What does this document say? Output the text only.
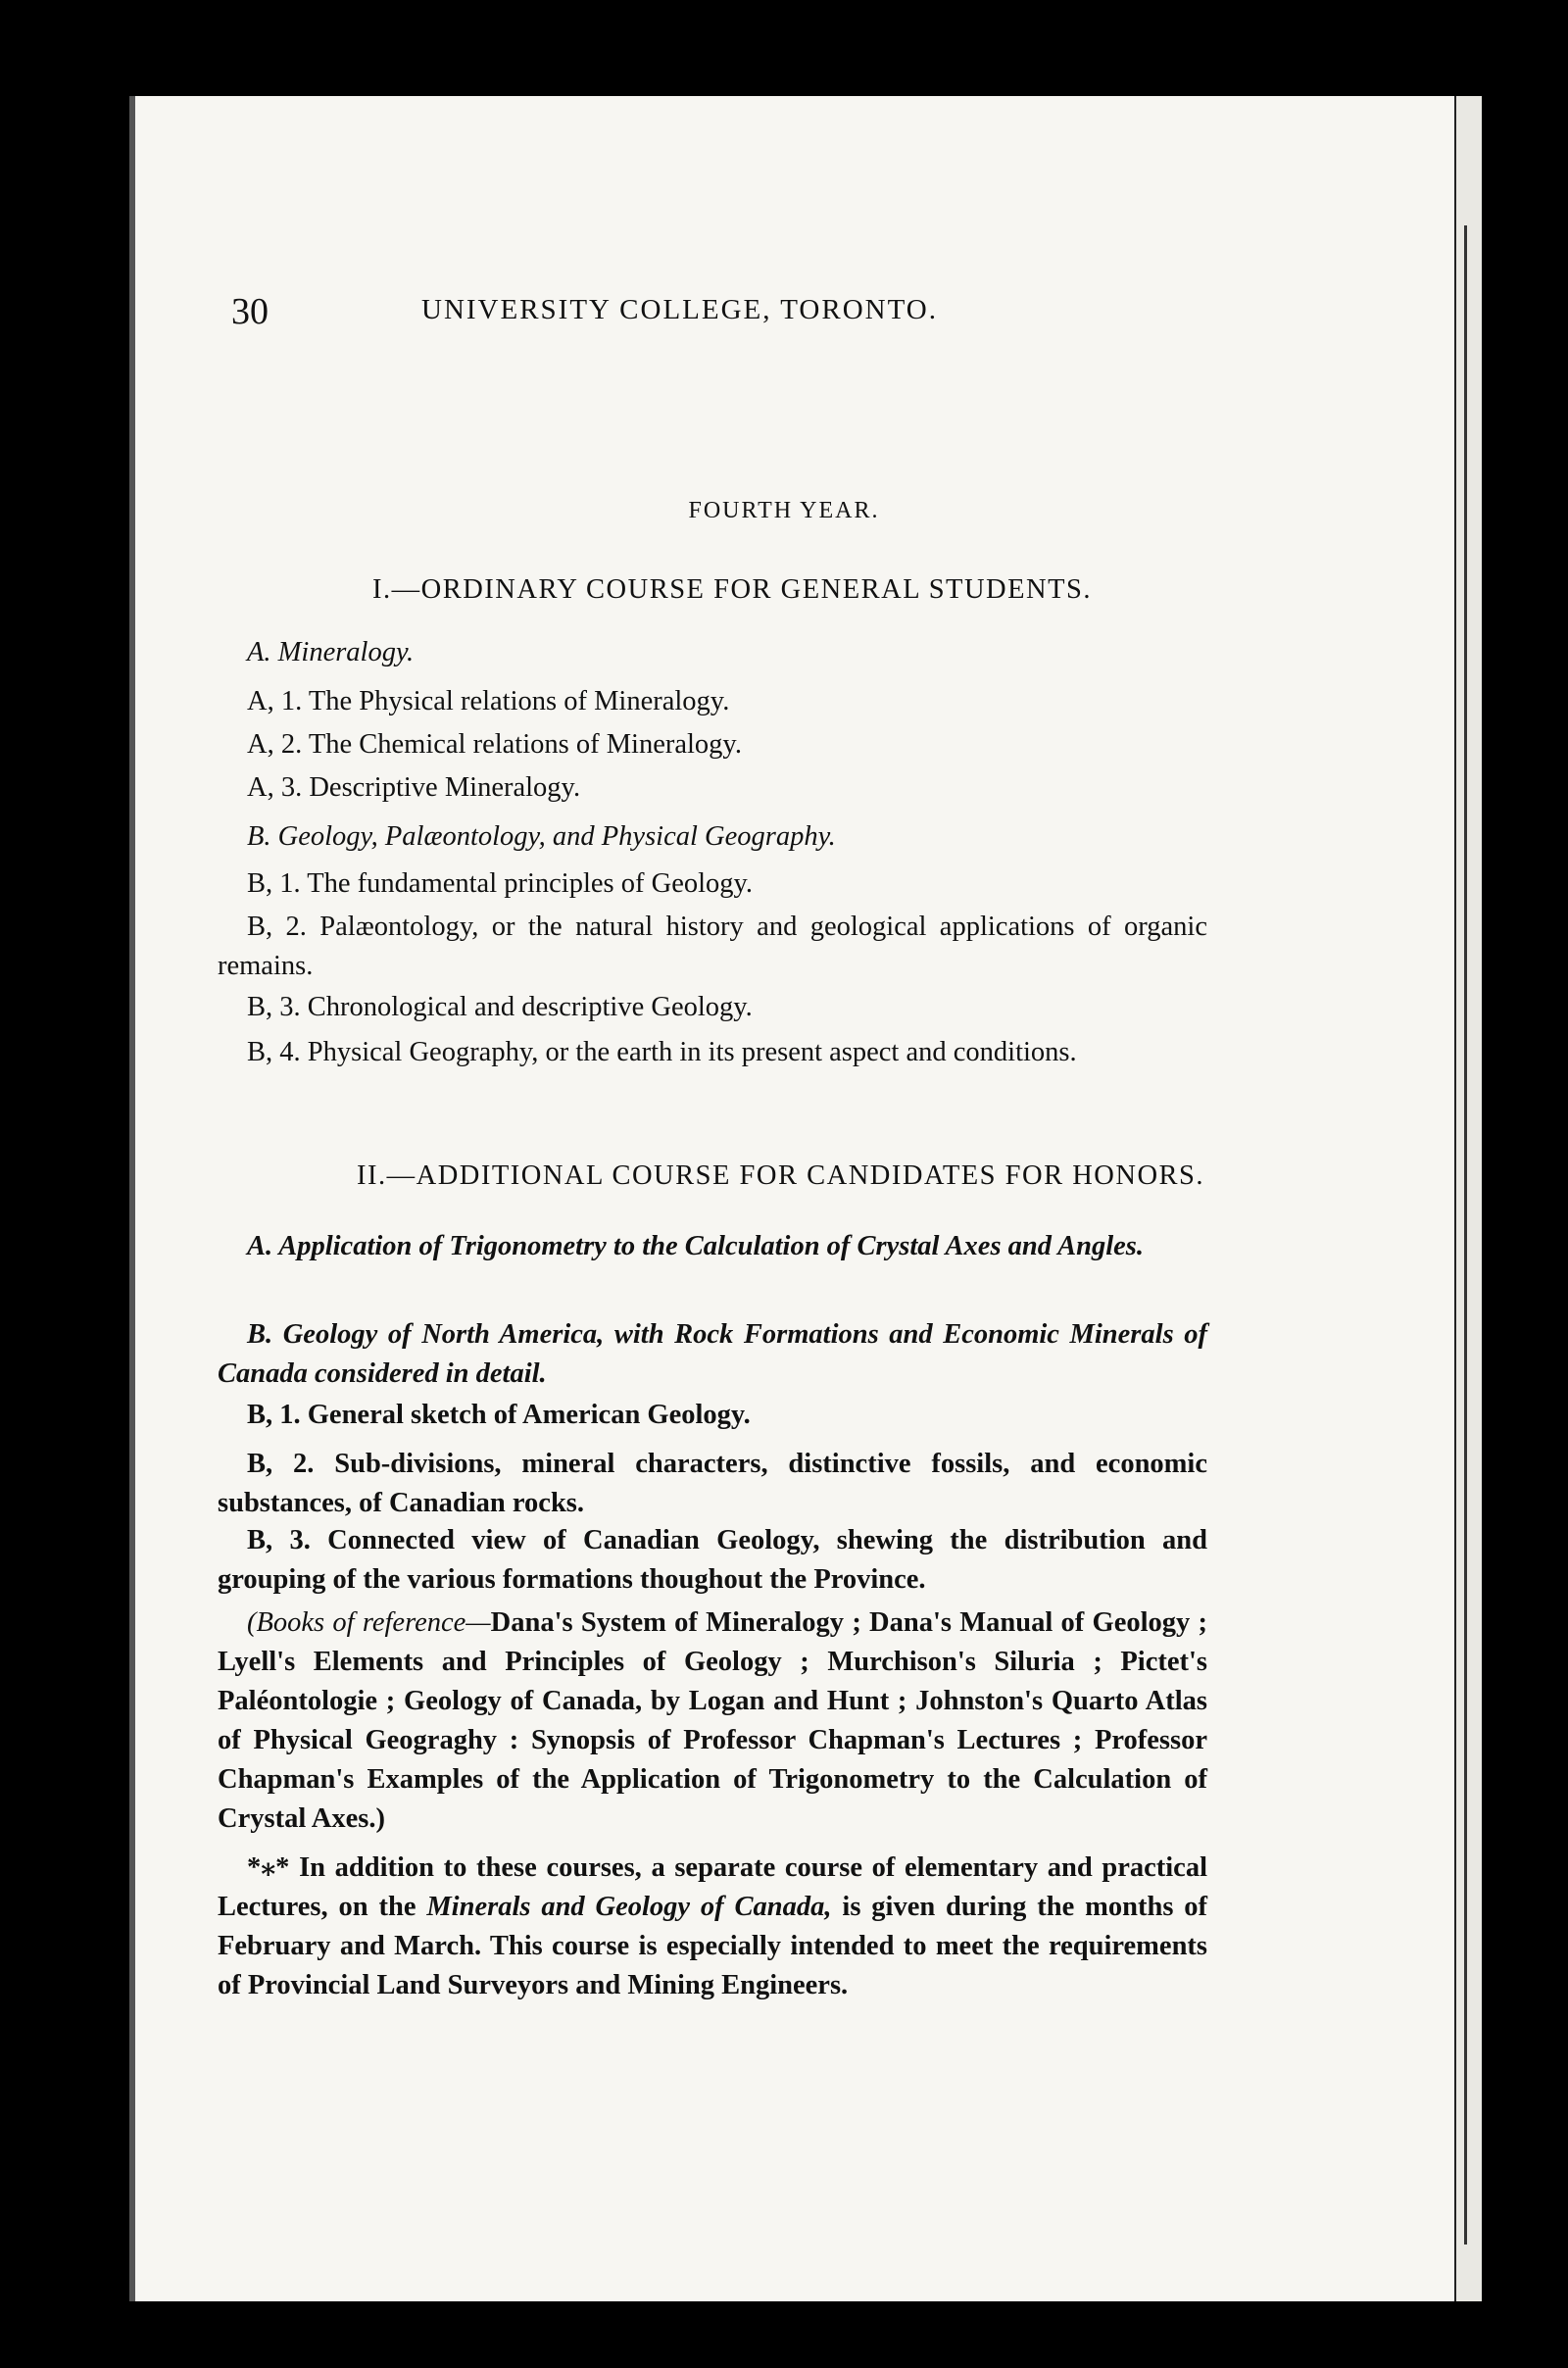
30	UNIVERSITY COLLEGE, TORONTO.
FOURTH YEAR.
I.—ORDINARY COURSE FOR GENERAL STUDENTS.
A. Mineralogy.
A, 1. The Physical relations of Mineralogy.
A, 2. The Chemical relations of Mineralogy.
A, 3. Descriptive Mineralogy.
B. Geology, Palæontology, and Physical Geography.
B, 1. The fundamental principles of Geology.
B, 2. Palæontology, or the natural history and geological applications of organic remains.
B, 3. Chronological and descriptive Geology.
B, 4. Physical Geography, or the earth in its present aspect and conditions.
II.—ADDITIONAL COURSE FOR CANDIDATES FOR HONORS.
A. Application of Trigonometry to the Calculation of Crystal Axes and Angles.
B. Geology of North America, with Rock Formations and Economic Minerals of Canada considered in detail.
B, 1. General sketch of American Geology.
B, 2. Sub-divisions, mineral characters, distinctive fossils, and economic substances, of Canadian rocks.
B, 3. Connected view of Canadian Geology, shewing the distribution and grouping of the various formations thoughout the Province.
(Books of reference—Dana's System of Mineralogy ; Dana's Manual of Geology ; Lyell's Elements and Principles of Geology ; Murchison's Siluria ; Pictet's Paléontologie ; Geology of Canada, by Logan and Hunt ; Johnston's Quarto Atlas of Physical Geograghy : Synopsis of Professor Chapman's Lectures ; Professor Chapman's Examples of the Application of Trigonometry to the Calculation of Crystal Axes.)
*⁎* In addition to these courses, a separate course of elementary and practical Lectures, on the Minerals and Geology of Canada, is given during the months of February and March. This course is especially intended to meet the requirements of Provincial Land Surveyors and Mining Engineers.
